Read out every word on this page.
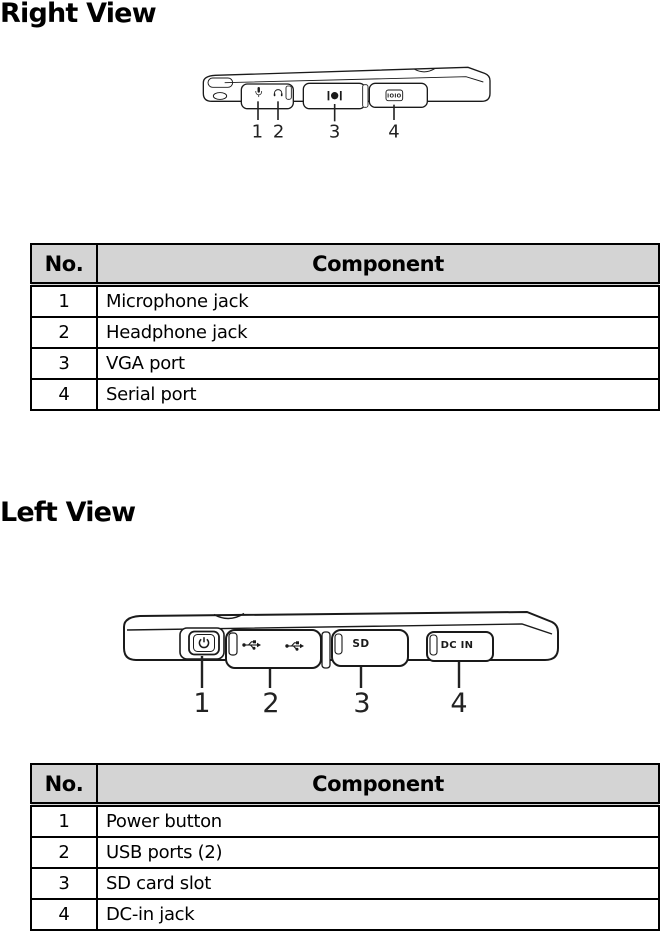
Right View
IOIO
1 2 3 4
No.	Component
1	Microphone jack
2	Headphone jack
3	VGA port
4	Serial port
Left View
SD	DC IN
1 2	3	4
No.	Component
1	Power button
2	USB ports (2)
3	SD card slot
4	DC-in jack
